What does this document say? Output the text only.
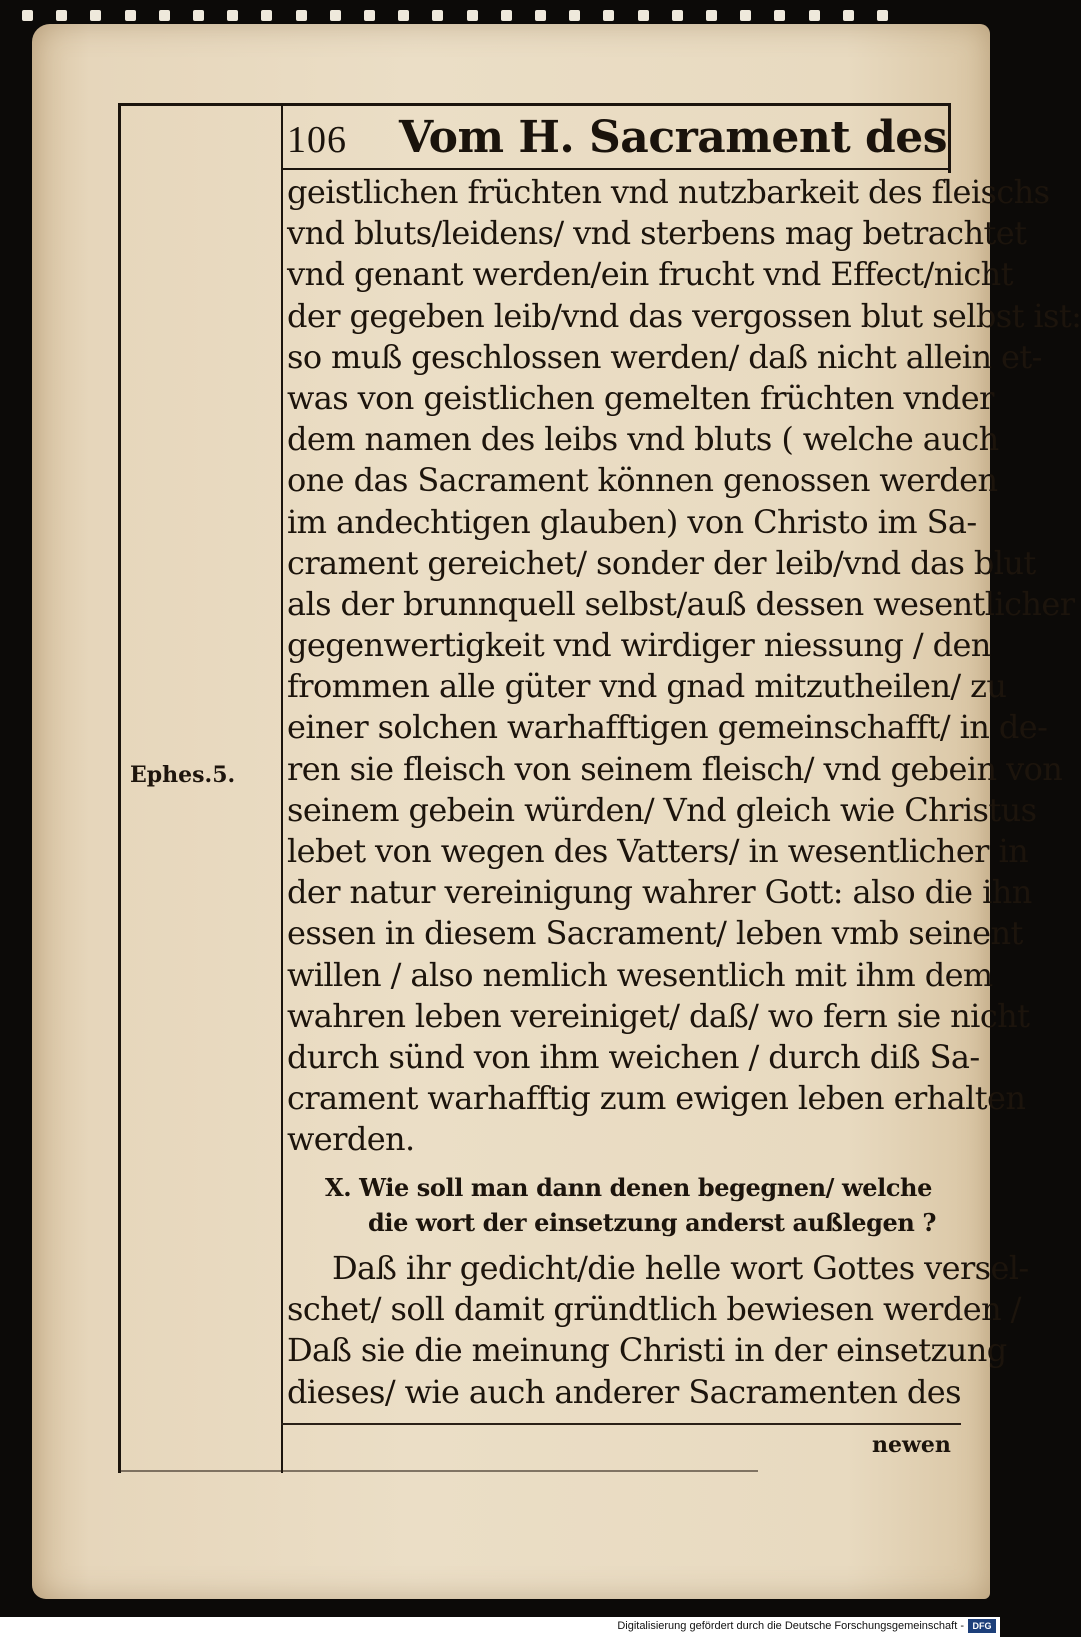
106 Vom H. Sacrament des
Ephes.5.
geistlichen früchten vnd nutzbarkeit des fleischs
vnd bluts/leidens/ vnd sterbens mag betrachtet
vnd genant werden/ein frucht vnd Effect/nicht
der gegeben leib/vnd das vergossen blut selbst ist:
so muß geschlossen werden/ daß nicht allein et-
was von geistlichen gemelten früchten vnder
dem namen des leibs vnd bluts ( welche auch
one das Sacrament können genossen werden
im andechtigen glauben) von Christo im Sa-
crament gereichet/ sonder der leib/vnd das blut
als der brunnquell selbst/auß dessen wesentlicher
gegenwertigkeit vnd wirdiger niessung / den
frommen alle güter vnd gnad mitzutheilen/ zu
einer solchen warhafftigen gemeinschafft/ in de-
ren sie fleisch von seinem fleisch/ vnd gebein von
seinem gebein würden/ Vnd gleich wie Christus
lebet von wegen des Vatters/ in wesentlicher in
der natur vereinigung wahrer Gott: also die ihn
essen in diesem Sacrament/ leben vmb seinent
willen / also nemlich wesentlich mit ihm dem
wahren leben vereiniget/ daß/ wo fern sie nicht
durch sünd von ihm weichen / durch diß Sa-
crament warhafftig zum ewigen leben erhalten
werden.
X. Wie soll man dann denen begegnen/ welche
die wort der einsetzung anderst außlegen ?
Daß ihr gedicht/die helle wort Gottes versel-
schet/ soll damit gründtlich bewiesen werden /
Daß sie die meinung Christi in der einsetzung
dieses/ wie auch anderer Sacramenten des
newen
Digitalisierung gefördert durch die Deutsche Forschungsgemeinschaft - DFG
